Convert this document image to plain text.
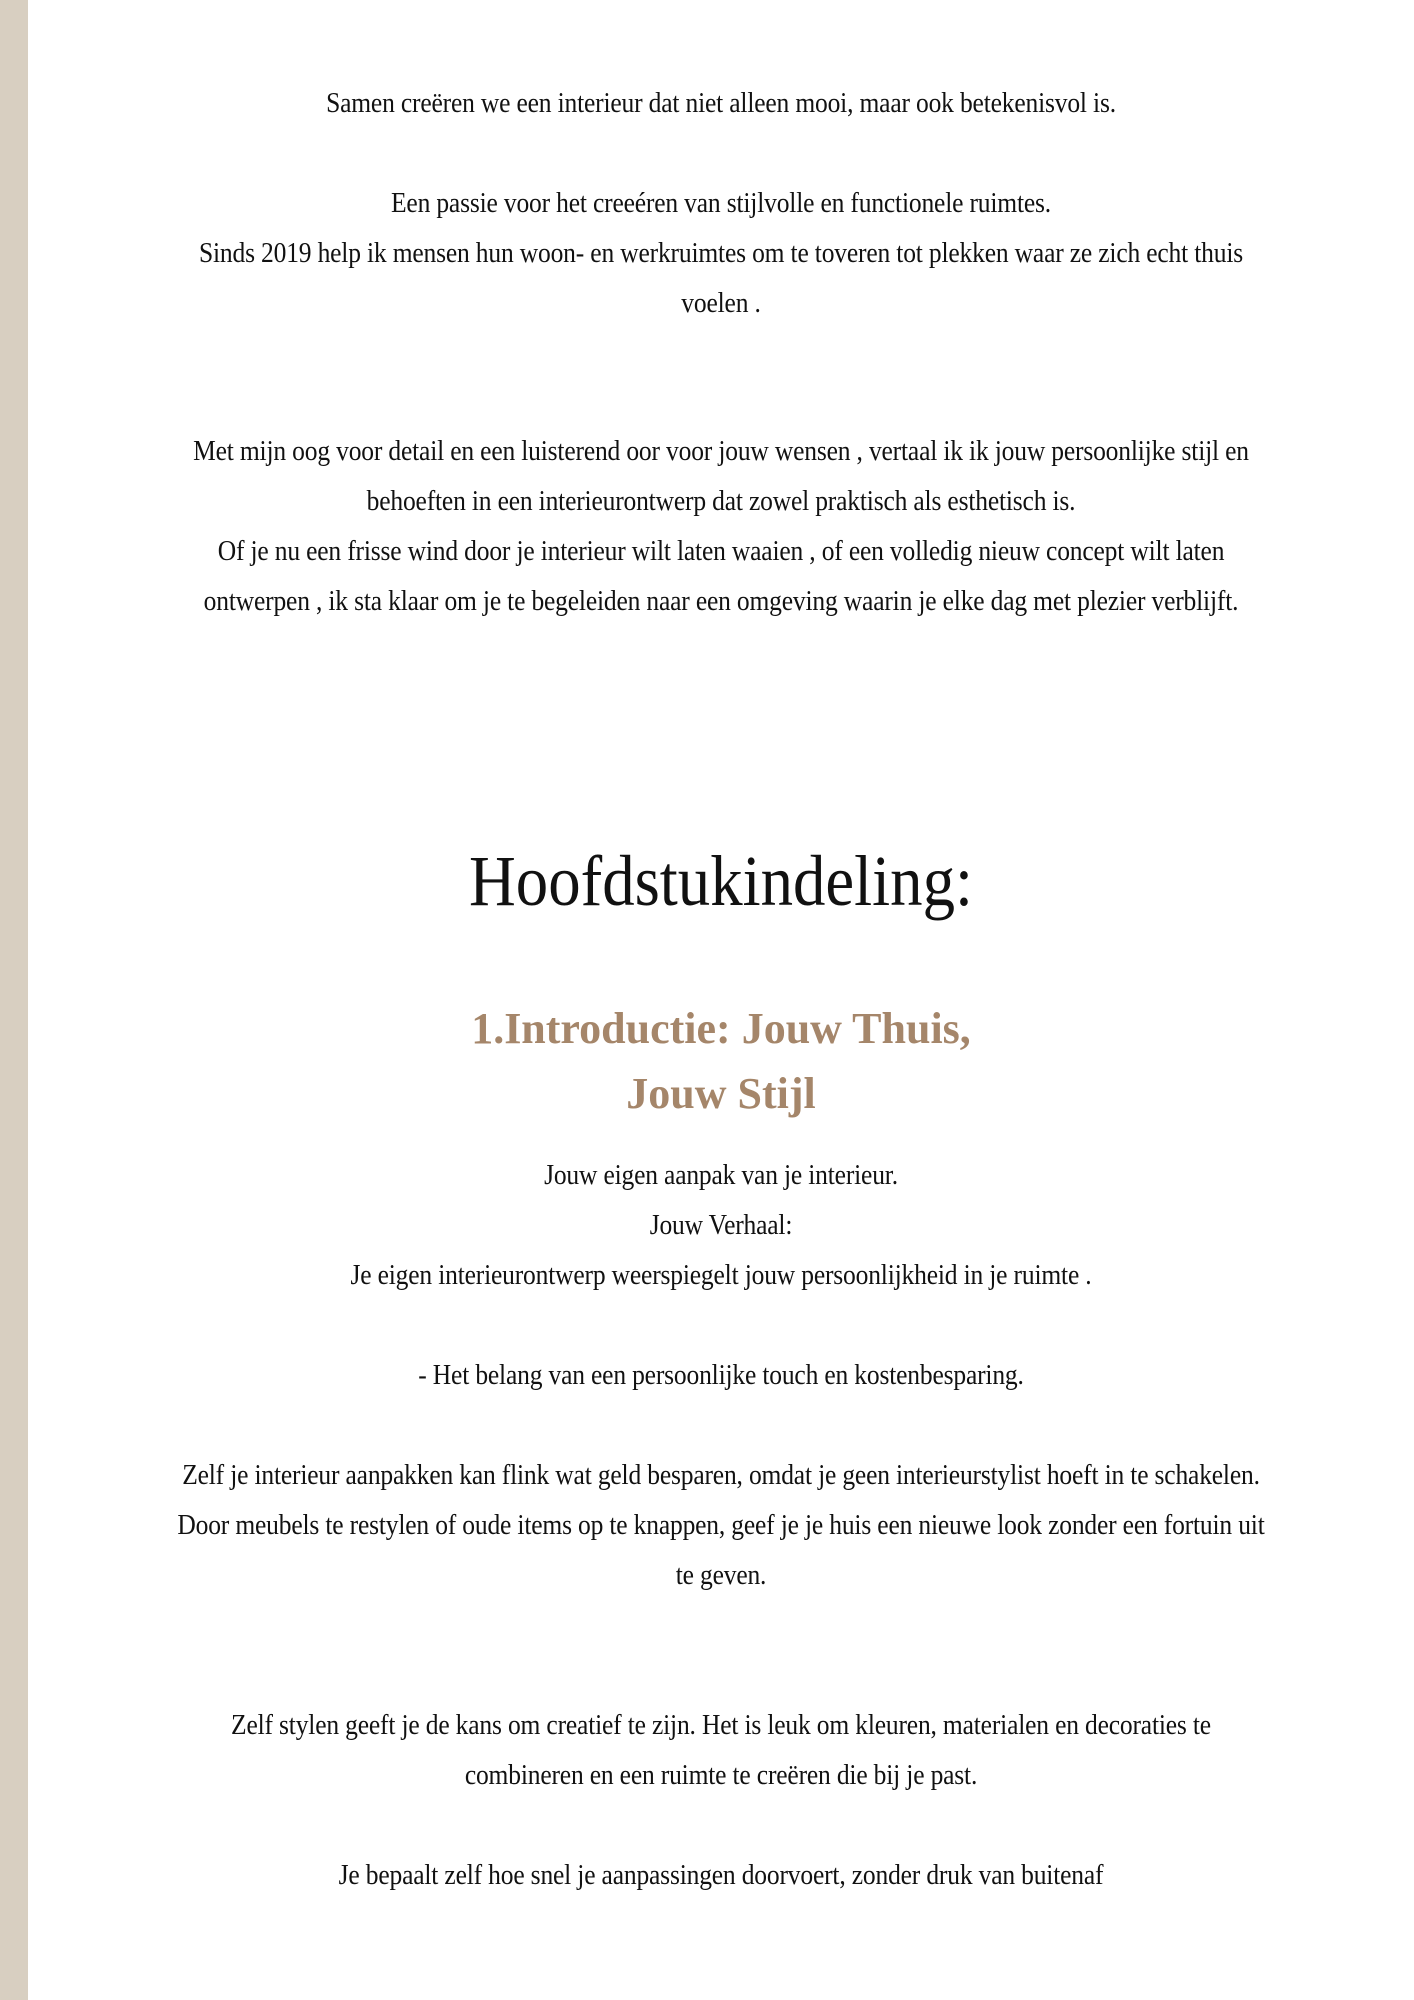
Samen creëren we een interieur dat niet alleen mooi, maar ook betekenisvol is.
Een passie voor het creeéren van stijlvolle en functionele ruimtes.
Sinds 2019 help ik mensen hun woon- en werkruimtes om te toveren tot plekken waar ze zich echt thuis
voelen .
Met mijn oog voor detail en een luisterend oor voor jouw wensen , vertaal ik ik jouw persoonlijke stijl en
behoeften in een interieurontwerp dat zowel praktisch als esthetisch is.
Of je nu een frisse wind door je interieur wilt laten waaien , of een volledig nieuw concept wilt laten
ontwerpen , ik sta klaar om je te begeleiden naar een omgeving waarin je elke dag met plezier verblijft.
Hoofdstukindeling:
1.Introductie: Jouw Thuis,
Jouw Stijl
Jouw eigen aanpak van je interieur.
Jouw Verhaal:
Je eigen interieurontwerp weerspiegelt jouw persoonlijkheid in je ruimte .
- Het belang van een persoonlijke touch en kostenbesparing.
Zelf je interieur aanpakken kan flink wat geld besparen, omdat je geen interieurstylist hoeft in te schakelen.
Door meubels te restylen of oude items op te knappen, geef je je huis een nieuwe look zonder een fortuin uit
te geven.
Zelf stylen geeft je de kans om creatief te zijn. Het is leuk om kleuren, materialen en decoraties te
combineren en een ruimte te creëren die bij je past.
Je bepaalt zelf hoe snel je aanpassingen doorvoert, zonder druk van buitenaf
